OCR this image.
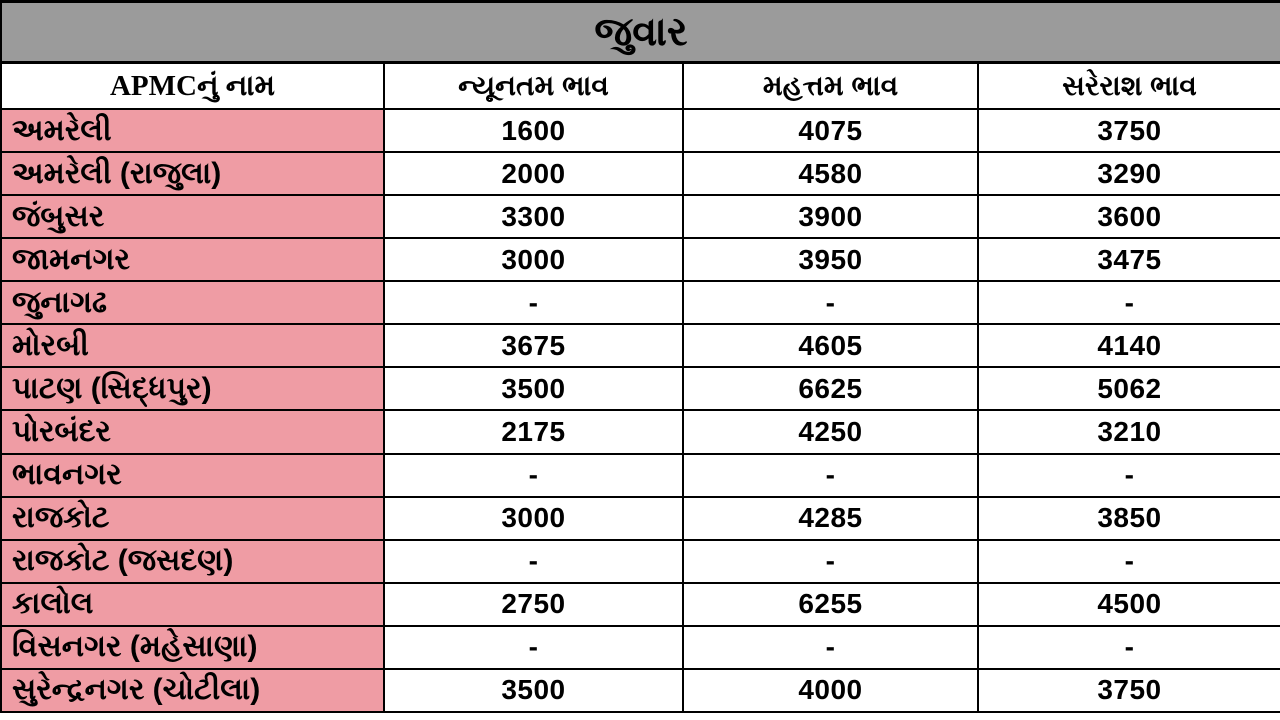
જુવાર			
APMCનું નામ	ન્યૂનતમ ભાવ	મહત્તમ ભાવ	સરેરાશ ભાવ
અમરેલી	1600	4075	3750
અમરેલી (રાજુલા)	2000	4580	3290
જંબુસર	3300	3900	3600
જામનગર	3000	3950	3475
જુનાગઢ	-	-	-
મોરબી	3675	4605	4140
પાટણ (સિદ્ધપુર)	3500	6625	5062
પોરબંદર	2175	4250	3210
ભાવનગર	-	-	-
રાજકોટ	3000	4285	3850
રાજકોટ (જસદણ)	-	-	-
કાલોલ	2750	6255	4500
વિસનગર (મહેસાણા)	-	-	-
સુરેન્દ્રનગર (ચોટીલા)	3500	4000	3750
